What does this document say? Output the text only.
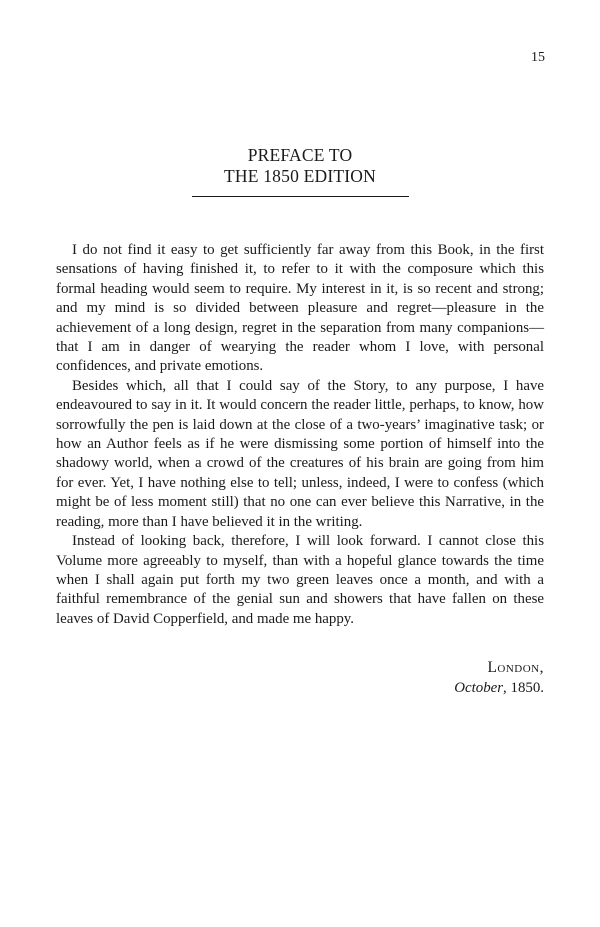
15
PREFACE TO
THE 1850 EDITION

I do not find it easy to get sufficiently far away from this Book, in the first sensations of having finished it, to refer to it with the composure which this formal heading would seem to require. My interest in it, is so recent and strong; and my mind is so divided between pleasure and regret—pleasure in the achievement of a long design, regret in the separation from many companions—that I am in danger of wearying the reader whom I love, with personal confidences, and private emotions.

Besides which, all that I could say of the Story, to any purpose, I have endeavoured to say in it. It would concern the reader little, perhaps, to know, how sorrowfully the pen is laid down at the close of a two-years’ imaginative task; or how an Author feels as if he were dismissing some portion of himself into the shadowy world, when a crowd of the creatures of his brain are going from him for ever. Yet, I have nothing else to tell; unless, indeed, I were to confess (which might be of less moment still) that no one can ever believe this Narrative, in the reading, more than I have believed it in the writing.

Instead of looking back, therefore, I will look forward. I cannot close this Volume more agreeably to myself, than with a hopeful glance towards the time when I shall again put forth my two green leaves once a month, and with a faithful remembrance of the genial sun and showers that have fallen on these leaves of David Copperfield, and made me happy.

London,
October, 1850.
